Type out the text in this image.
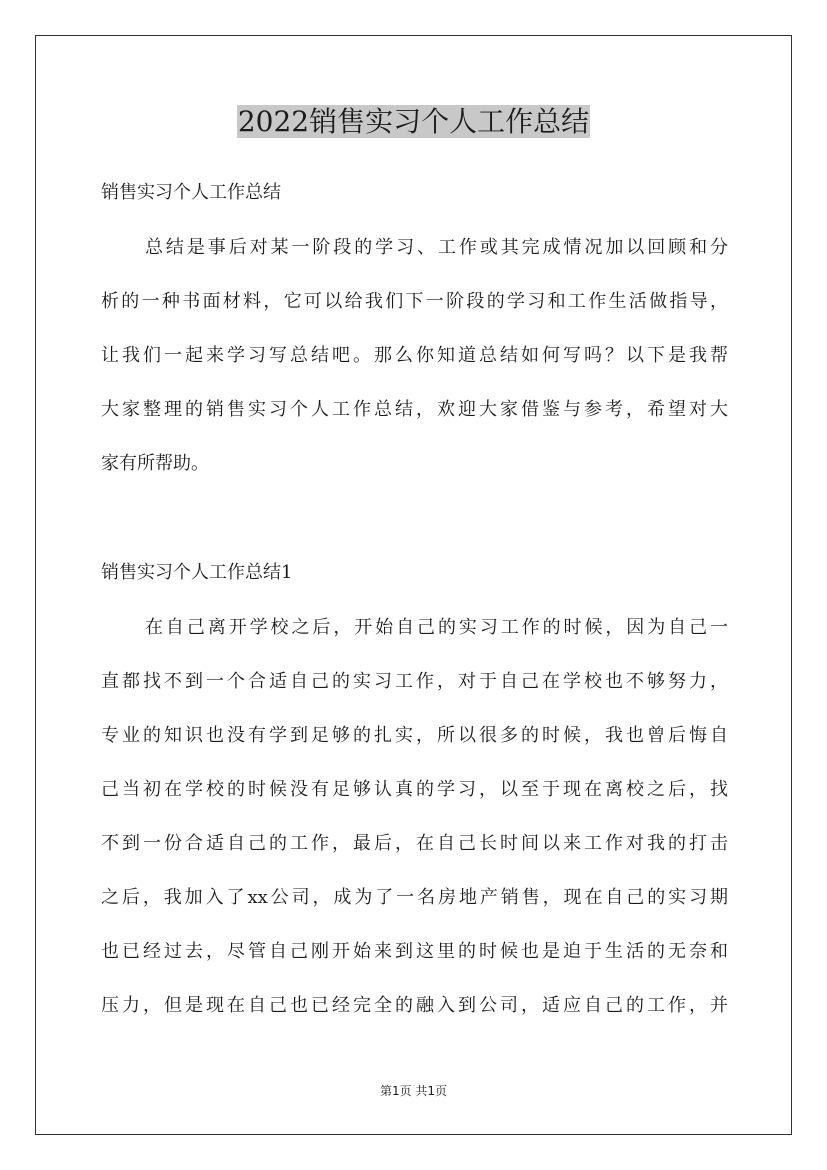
2022销售实习个人工作总结
销售实习个人工作总结
总结是事后对某一阶段的学习、工作或其完成情况加以回顾和分
析的一种书面材料，它可以给我们下一阶段的学习和工作生活做指导，
让我们一起来学习写总结吧。那么你知道总结如何写吗？以下是我帮
大家整理的销售实习个人工作总结，欢迎大家借鉴与参考，希望对大
家有所帮助。
销售实习个人工作总结1
在自己离开学校之后，开始自己的实习工作的时候，因为自己一
直都找不到一个合适自己的实习工作，对于自己在学校也不够努力，
专业的知识也没有学到足够的扎实，所以很多的时候，我也曾后悔自
己当初在学校的时候没有足够认真的学习，以至于现在离校之后，找
不到一份合适自己的工作，最后，在自己长时间以来工作对我的打击
之后，我加入了xx公司，成为了一名房地产销售，现在自己的实习期
也已经过去，尽管自己刚开始来到这里的时候也是迫于生活的无奈和
压力，但是现在自己也已经完全的融入到公司，适应自己的工作，并
第1页 共1页
